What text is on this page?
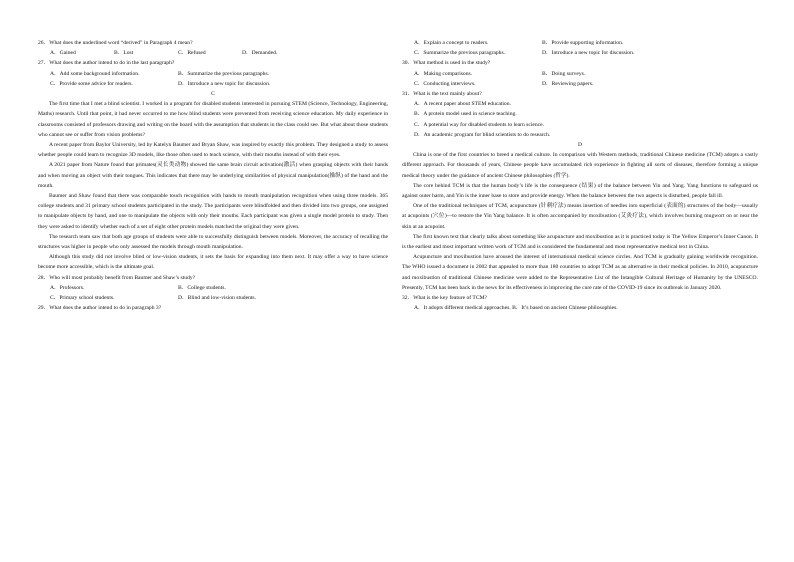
26．What does the underlined word “derived” in Paragraph 4 mean?
A．Gained	B．Lost	C．Refused	D．Demanded.
27．What does the author intend to do in the last paragraph?
A．Add some background information.	B．Summarize the previous paragraphs.
C．Provide some advice for readers.	D．Introduce a new topic for discussion.
C

The first time that I met a blind scientist. I worked in a program for disabled students interested in pursuing STEM (Science, Technology, Engineering, Maths) research. Until that point, it had never occurred to me how blind students were prevented from receiving science education. My daily experience in classrooms consisted of professors drawing and writing on the board with the assumption that students in the class could see. But what about those students who cannot see or suffer from vision problems?

A recent paper from Baylor University, led by Katelyn Baumer and Bryan Shaw, was inspired by exactly this problem. They designed a study to assess whether people could learn to recognize 3D models, like those often used to teach science, with their mouths instead of with their eyes.

A 2021 paper from Nature found that primates(灵长类动物) showed the same brain circuit activation(激活) when grasping objects with their hands and when moving an object with their tongues. This indicates that there may be underlying similarities of physical manipulation(操纵) of the hand and the mouth.

Baumer and Shaw found that there was comparable touch recognition with hands to mouth manipulation recognition when using three models. 365 college students and 31 primary school students participated in the study. The participants were blindfolded and then divided into two groups, one assigned to manipulate objects by hand, and one to manipulate the objects with only their mouths. Each participant was given a single model protein to study. Then they were asked to identify whether each of a set of eight other protein models matched the original they were given.

The research team saw that both age groups of students were able to successfully distinguish between models. Moreover, the accuracy of recalling the structures was higher in people who only assessed the models through mouth manipulation.

Although this study did not involve blind or low-vision students, it sets the basis for expanding into them next. It may offer a way to have science become more accessible, which is the ultimate goal.

28．Who will most probably benefit from Baumer and Shaw’s study?
A．Professors.	B．College students.
C．Primary school students.	D．Blind and low-vision students.
29．What does the author intend to do in paragraph 3?
A．Explain a concept to readers.	B．Provide supporting information.
C．Summarize the previous paragraphs.	D．Introduce a new topic for discussion.
30．What method is used in the study?
A．Making comparisons.	B．Doing surveys.
C．Conducting interviews.	D．Reviewing papers.
31．What is the text mainly about?
A．A recent paper about STEM education.
B．A protein model used in science teaching.
C．A potential way for disabled students to learn science.
D．An academic program for blind scientists to do research.
D

China is one of the first countries to breed a medical culture. In comparison with Western methods, traditional Chinese medicine (TCM) adopts a vastly different approach. For thousands of years, Chinese people have accumulated rich experience in fighting all sorts of diseases, therefore forming a unique medical theory under the guidance of ancient Chinese philosophies (哲学).

The core behind TCM is that the human body’s life is the consequence (结果) of the balance between Yin and Yang. Yang functions to safeguard us against outer harm, and Yin is the inner base to store and provide energy. When the balance between the two aspects is disturbed, people fall ill.

One of the traditional techniques of TCM, acupuncture (针刺疗法) means insertion of needles into superficial (表面的) structures of the body—usually at acupoints (穴位)—to restore the Yin Yang balance. It is often accompanied by moxibustion (艾灸疗法), which involves burning mugwort on or near the skin at an acupoint.

The first known text that clearly talks about something like acupuncture and moxibustion as it is practiced today is The Yellow Emperor’s Inner Canon. It is the earliest and most important written work of TCM and is considered the fundamental and most representative medical text in China.

Acupuncture and moxibustion have aroused the interest of international medical science circles. And TCM is gradually gaining worldwide recognition. The WHO issued a document in 2002 that appealed to more than 180 countries to adopt TCM as an alternative in their medical policies. In 2010, acupuncture and moxibustion of traditional Chinese medicine were added to the Representative List of the Intangible Cultural Heritage of Humanity by the UNESCO. Presently, TCM has been back in the news for its effectiveness in improving the cure rate of the COVID-19 since its outbreak in January 2020.

32．What is the key feature of TCM?
A．It adopts different medical approaches. B．It’s based on ancient Chinese philosophies.
